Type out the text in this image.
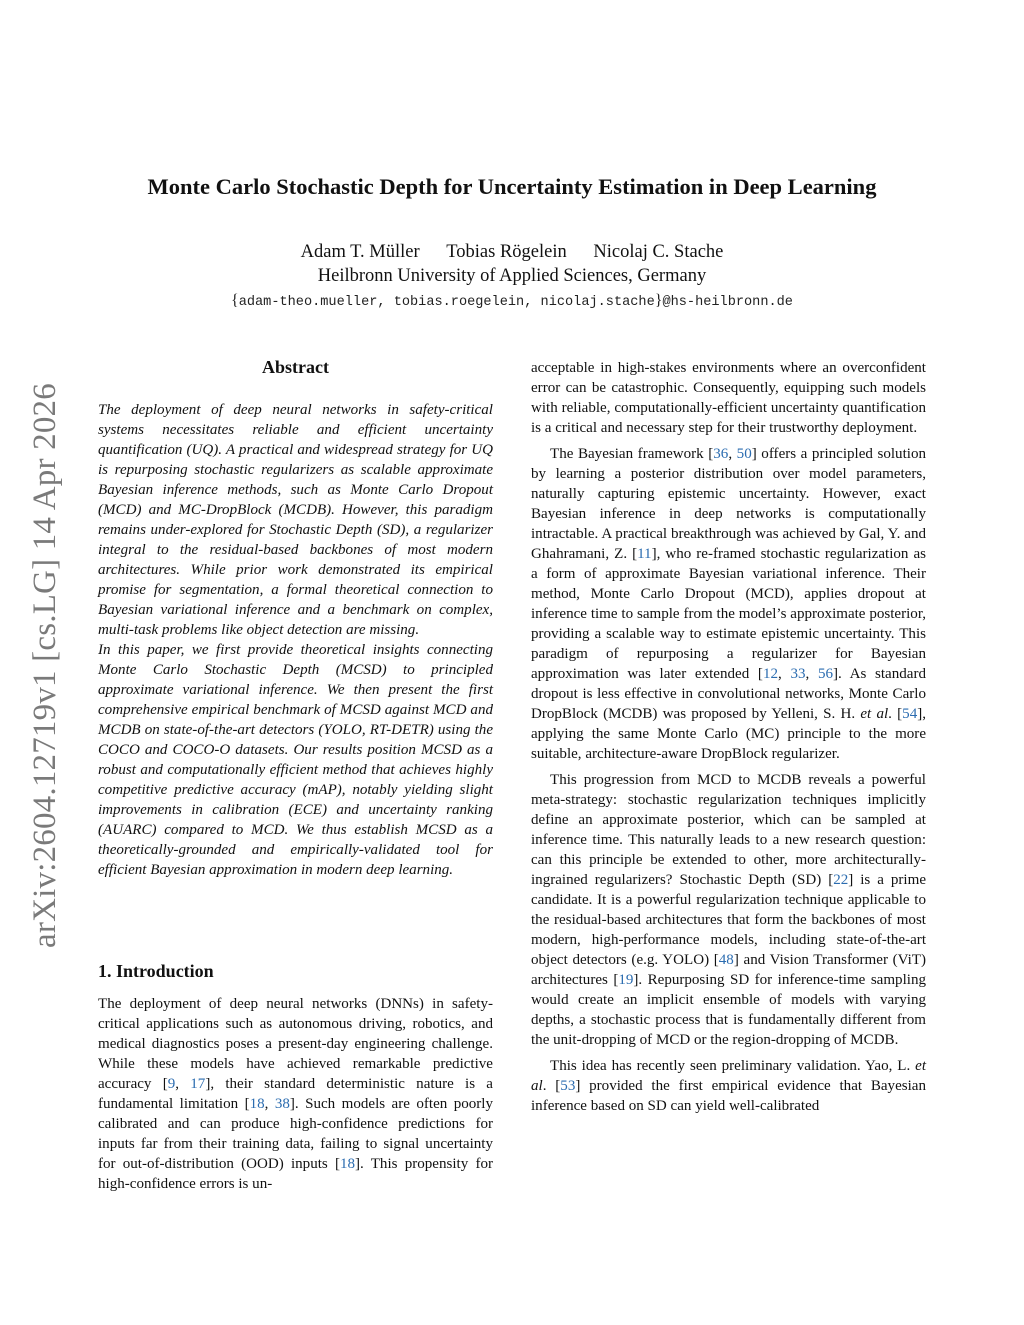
arXiv:2604.12719v1 [cs.LG] 14 Apr 2026
Monte Carlo Stochastic Depth for Uncertainty Estimation in Deep Learning
Adam T. Müller Tobias Rögelein Nicolaj C. Stache
Heilbronn University of Applied Sciences, Germany
{adam-theo.mueller, tobias.roegelein, nicolaj.stache}@hs-heilbronn.de
Abstract

The deployment of deep neural networks in safety-critical systems necessitates reliable and efficient uncertainty quantification (UQ). A practical and widespread strategy for UQ is repurposing stochastic regularizers as scalable approximate Bayesian inference methods, such as Monte Carlo Dropout (MCD) and MC-DropBlock (MCDB). However, this paradigm remains under-explored for Stochastic Depth (SD), a regularizer integral to the residual-based backbones of most modern architectures. While prior work demonstrated its empirical promise for segmentation, a formal theoretical connection to Bayesian variational inference and a benchmark on complex, multi-task problems like object detection are missing.

In this paper, we first provide theoretical insights connecting Monte Carlo Stochastic Depth (MCSD) to principled approximate variational inference. We then present the first comprehensive empirical benchmark of MCSD against MCD and MCDB on state-of-the-art detectors (YOLO, RT-DETR) using the COCO and COCO-O datasets. Our results position MCSD as a robust and computationally efficient method that achieves highly competitive predictive accuracy (mAP), notably yielding slight improvements in calibration (ECE) and uncertainty ranking (AUARC) compared to MCD. We thus establish MCSD as a theoretically-grounded and empirically-validated tool for efficient Bayesian approximation in modern deep learning.

1. Introduction

The deployment of deep neural networks (DNNs) in safety-critical applications such as autonomous driving, robotics, and medical diagnostics poses a present-day engineering challenge. While these models have achieved remarkable predictive accuracy [9, 17], their standard deterministic nature is a fundamental limitation [18, 38]. Such models are often poorly calibrated and can produce high-confidence predictions for inputs far from their training data, failing to signal uncertainty for out-of-distribution (OOD) inputs [18]. This propensity for high-confidence errors is un-

acceptable in high-stakes environments where an overconfident error can be catastrophic. Consequently, equipping such models with reliable, computationally-efficient uncertainty quantification is a critical and necessary step for their trustworthy deployment.

The Bayesian framework [36, 50] offers a principled solution by learning a posterior distribution over model parameters, naturally capturing epistemic uncertainty. However, exact Bayesian inference in deep networks is computationally intractable. A practical breakthrough was achieved by Gal, Y. and Ghahramani, Z. [11], who re-framed stochastic regularization as a form of approximate Bayesian variational inference. Their method, Monte Carlo Dropout (MCD), applies dropout at inference time to sample from the model’s approximate posterior, providing a scalable way to estimate epistemic uncertainty. This paradigm of repurposing a regularizer for Bayesian approximation was later extended [12, 33, 56]. As standard dropout is less effective in convolutional networks, Monte Carlo DropBlock (MCDB) was proposed by Yelleni, S. H. et al. [54], applying the same Monte Carlo (MC) principle to the more suitable, architecture-aware DropBlock regularizer.

This progression from MCD to MCDB reveals a powerful meta-strategy: stochastic regularization techniques implicitly define an approximate posterior, which can be sampled at inference time. This naturally leads to a new research question: can this principle be extended to other, more architecturally-ingrained regularizers? Stochastic Depth (SD) [22] is a prime candidate. It is a powerful regularization technique applicable to the residual-based architectures that form the backbones of most modern, high-performance models, including state-of-the-art object detectors (e.g. YOLO) [48] and Vision Transformer (ViT) architectures [19]. Repurposing SD for inference-time sampling would create an implicit ensemble of models with varying depths, a stochastic process that is fundamentally different from the unit-dropping of MCD or the region-dropping of MCDB.

This idea has recently seen preliminary validation. Yao, L. et al. [53] provided the first empirical evidence that Bayesian inference based on SD can yield well-calibrated
